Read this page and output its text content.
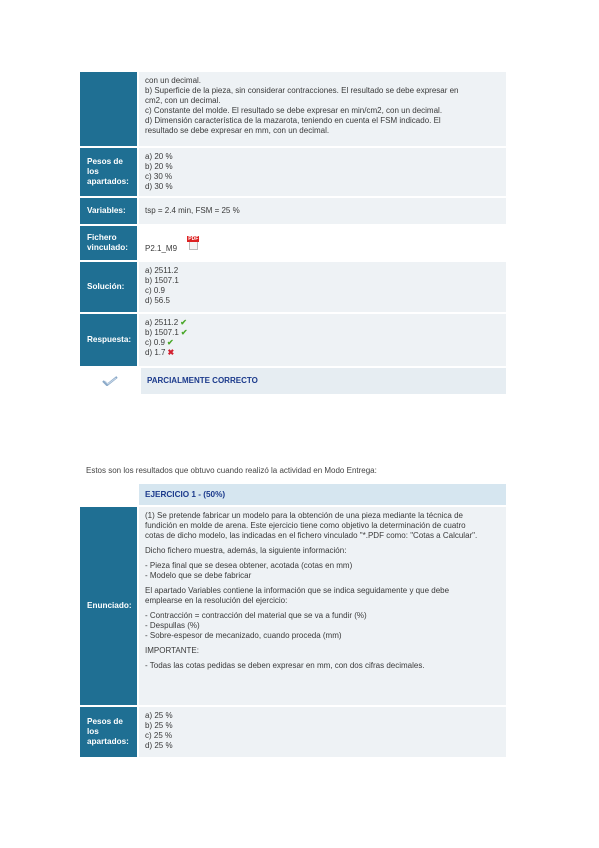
con un decimal.
b) Superficie de la pieza, sin considerar contracciones. El resultado se debe expresar en
cm2, con un decimal.
c) Constante del molde. El resultado se debe expresar en min/cm2, con un decimal.
d) Dimensión característica de la mazarota, teniendo en cuenta el FSM indicado. El
resultado se debe expresar en mm, con un decimal.
Pesos de los apartados:
a) 20 %
b) 20 %
c) 30 %
d) 30 %
Variables:	tsp = 2.4 min, FSM = 25 %
Fichero vinculado:	P2.1_M9
PDF
Solución:
a) 2511.2
b) 1507.1
c) 0.9
d) 56.5
Respuesta:
a) 2511.2 ✔
b) 1507.1 ✔
c) 0.9 ✔
d) 1.7 ✖
PARCIALMENTE CORRECTO
Estos son los resultados que obtuvo cuando realizó la actividad en Modo Entrega:
EJERCICIO 1 - (50%)
Enunciado:
(1) Se pretende fabricar un modelo para la obtención de una pieza mediante la técnica de
fundición en molde de arena. Este ejercicio tiene como objetivo la determinación de cuatro
cotas de dicho modelo, las indicadas en el fichero vinculado "*.PDF como: "Cotas a Calcular".
Dicho fichero muestra, además, la siguiente información:
- Pieza final que se desea obtener, acotada (cotas en mm)
- Modelo que se debe fabricar
El apartado Variables contiene la información que se indica seguidamente y que debe
emplearse en la resolución del ejercicio:
- Contracción = contracción del material que se va a fundir (%)
- Despullas (%)
- Sobre-espesor de mecanizado, cuando proceda (mm)
IMPORTANTE:
- Todas las cotas pedidas se deben expresar en mm, con dos cifras decimales.
Pesos de los apartados:
a) 25 %
b) 25 %
c) 25 %
d) 25 %
